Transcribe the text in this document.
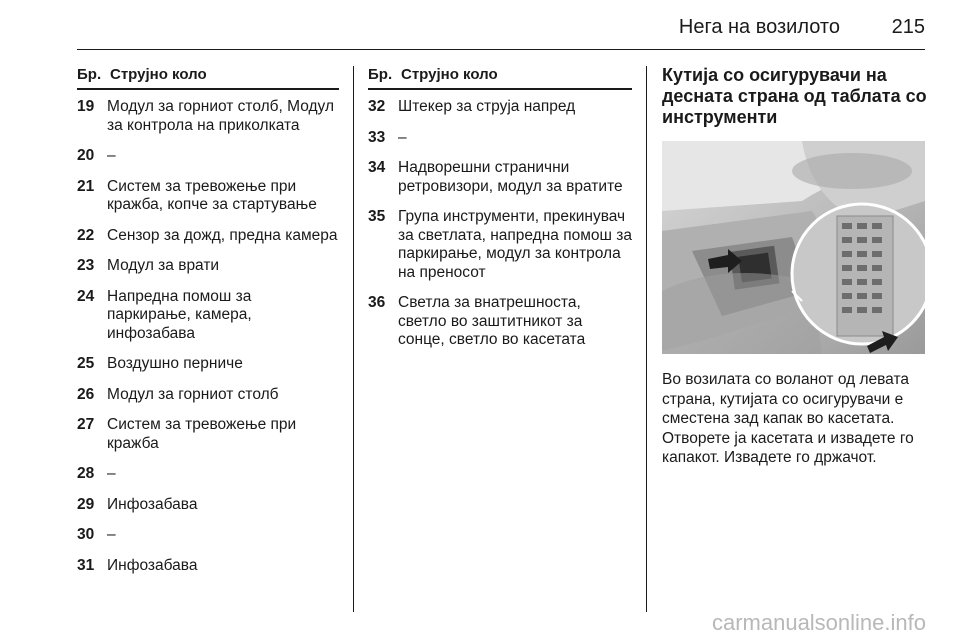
Нега на возилото	215
Бр. Струјно коло
19 Модул за горниот столб, Модул за контрола на приколката
20 –
21 Систем за тревожење при кражба, копче за стартување
22 Сензор за дожд, предна камера
23 Модул за врати
24 Напредна помош за паркирање, камера, инфозабава
25 Воздушно перниче
26 Модул за горниот столб
27 Систем за тревожење при кражба
28 –
29 Инфозабава
30 –
31 Инфозабава
Бр. Струјно коло
32 Штекер за струја напред
33 –
34 Надворешни странични ретровизори, модул за вратите
35 Група инструменти, прекинувач за светлата, напредна помош за паркирање, модул за контрола на преносот
36 Светла за внатрешноста, светло во заштитникот за сонце, светло во касетата
Кутија со осигурувачи на десната страна од таблата со инструменти
Во возилата со воланот од левата страна, кутијата со осигурувачи е сместена зад капак во касетата. Отворете ја касетата и извадете го капакот. Извадете го држачот.
carmanualsonline.info
